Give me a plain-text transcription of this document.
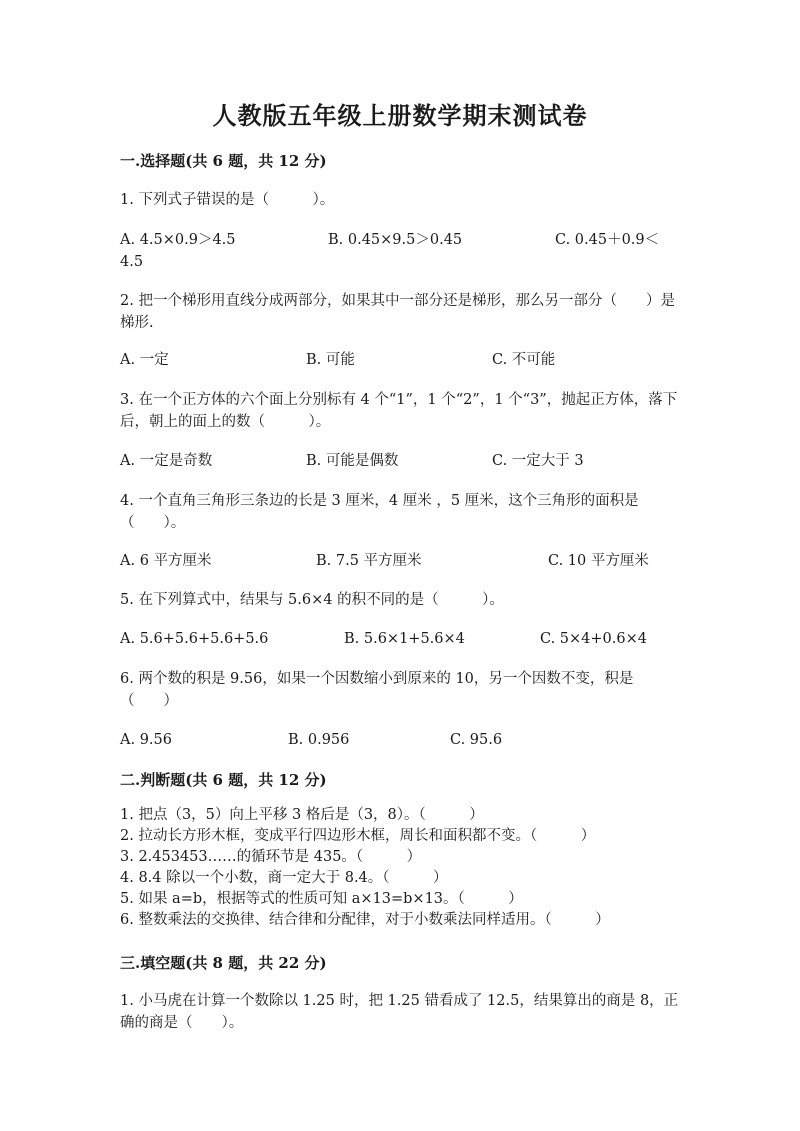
人教版五年级上册数学期末测试卷
一.选择题(共 6 题，共 12 分)
1. 下列式子错误的是（　　　）。
A. 4.5×0.9＞4.5	B. 0.45×9.5＞0.45	C. 0.45＋0.9＜
4.5
2. 把一个梯形用直线分成两部分，如果其中一部分还是梯形，那么另一部分（　　）是梯形.
A. 一定	B. 可能	C. 不可能
3. 在一个正方体的六个面上分别标有 4 个“1”，1 个“2”，1 个“3”，抛起正方体，落下后，朝上的面上的数（　　　）。
A. 一定是奇数	B. 可能是偶数	C. 一定大于 3
4. 一个直角三角形三条边的长是 3 厘米，4 厘米 ，5 厘米，这个三角形的面积是（　　）。
A. 6 平方厘米	B. 7.5 平方厘米	C. 10 平方厘米
5. 在下列算式中，结果与 5.6×4 的积不同的是（　　　）。
A. 5.6+5.6+5.6+5.6	B. 5.6×1+5.6×4	C. 5×4+0.6×4
6. 两个数的积是 9.56，如果一个因数缩小到原来的 10，另一个因数不变，积是（　　）
A. 9.56	B. 0.956	C. 95.6
二.判断题(共 6 题，共 12 分)
1. 把点（3，5）向上平移 3 格后是（3，8）。（　　　）
2. 拉动长方形木框，变成平行四边形木框，周长和面积都不变。（　　　）
3. 2.453453……的循环节是 435。（　　　）
4. 8.4 除以一个小数，商一定大于 8.4。（　　　）
5. 如果 a=b，根据等式的性质可知 a×13=b×13。（　　　）
6. 整数乘法的交换律、结合律和分配律，对于小数乘法同样适用。（　　　）
三.填空题(共 8 题，共 22 分)
1. 小马虎在计算一个数除以 1.25 时，把 1.25 错看成了 12.5，结果算出的商是 8，正确的商是（　　）。
